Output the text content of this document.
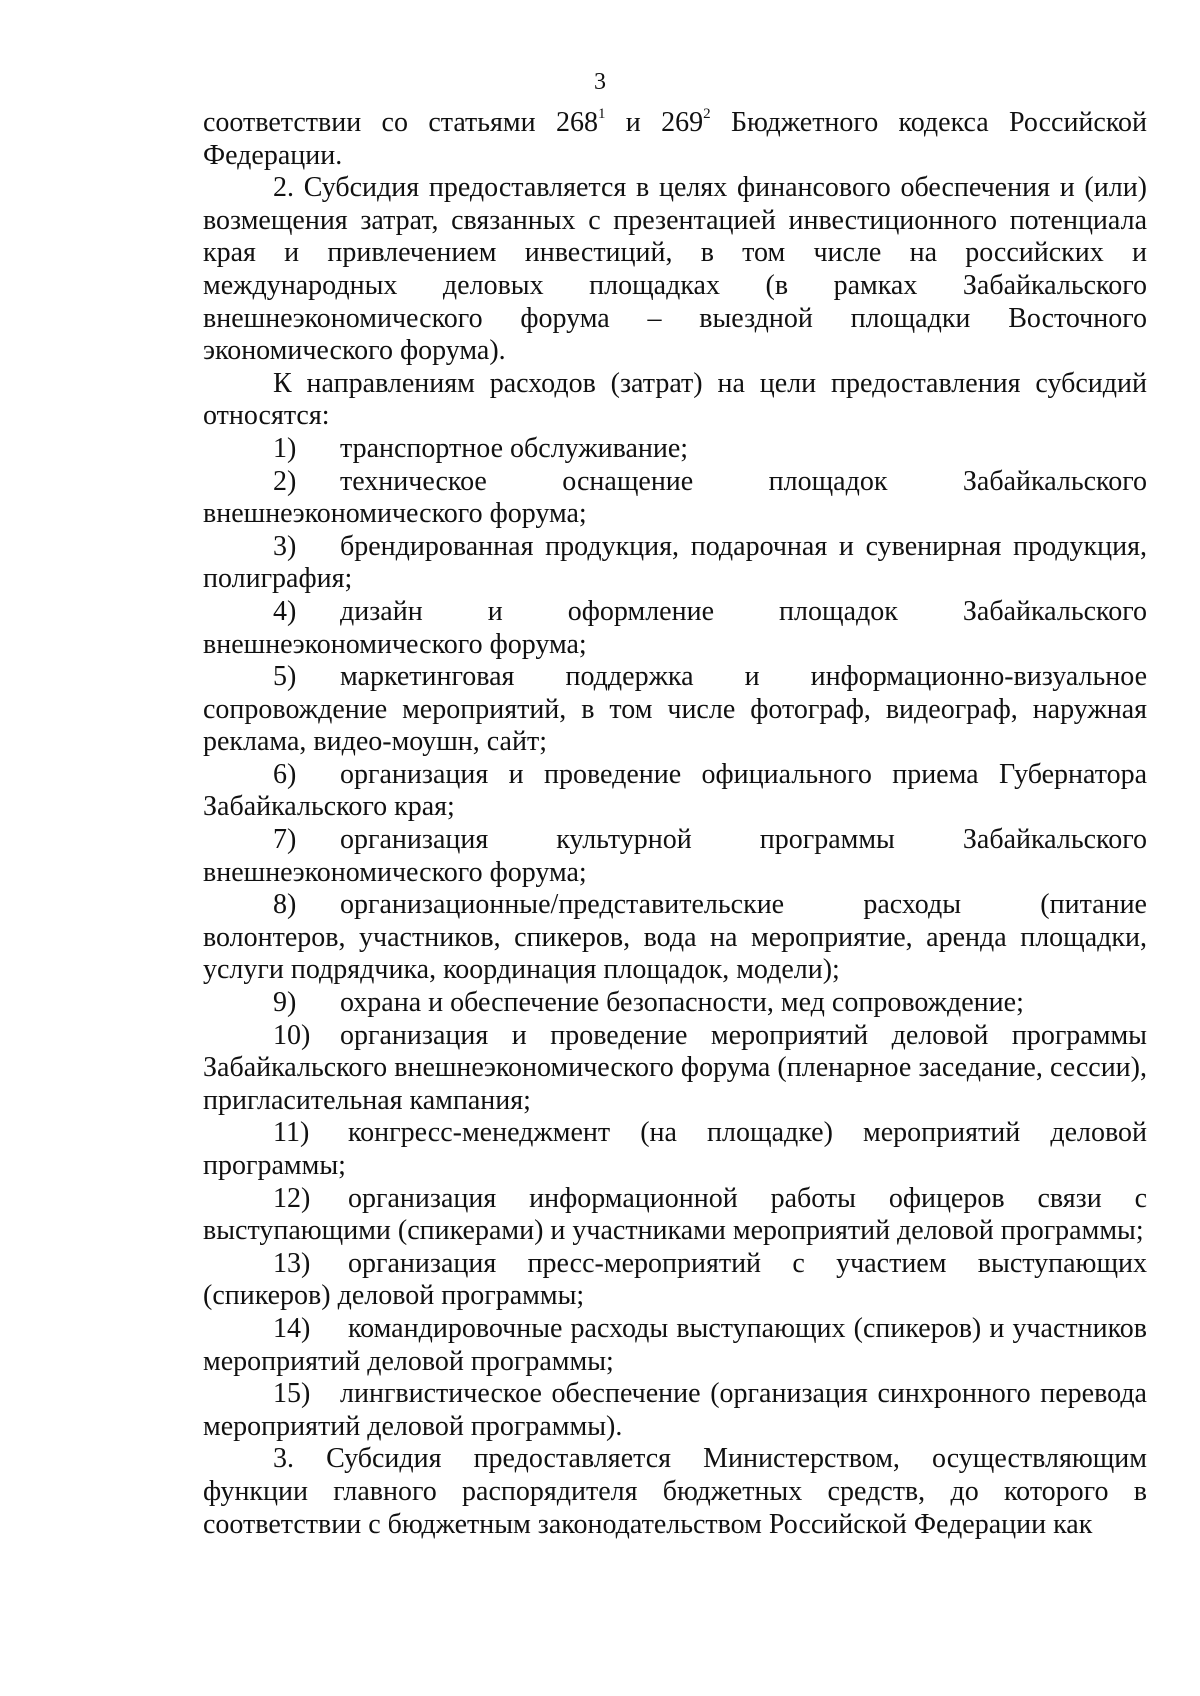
3

соответствии со статьями $268^1$ и $269^2$ Бюджетного кодекса Российской Федерации.

2. Субсидия предоставляется в целях финансового обеспечения и (или) возмещения затрат, связанных с презентацией инвестиционного потенциала края и привлечением инвестиций, в том числе на российских и международных деловых площадках (в рамках Забайкальского внешнеэкономического форума – выездной площадки Восточного экономического форума).

К направлениям расходов (затрат) на цели предоставления субсидий относятся:

1) транспортное обслуживание;

2) техническое оснащение площадок Забайкальского внешнеэкономического форума;

3) брендированная продукция, подарочная и сувенирная продукция, полиграфия;

4) дизайн и оформление площадок Забайкальского внешнеэкономического форума;

5) маркетинговая поддержка и информационно-визуальное сопровождение мероприятий, в том числе фотограф, видеограф, наружная реклама, видео-моушн, сайт;

6) организация и проведение официального приема Губернатора Забайкальского края;

7) организация культурной программы Забайкальского внешнеэкономического форума;

8) организационные/представительские расходы (питание волонтеров, участников, спикеров, вода на мероприятие, аренда площадки, услуги подрядчика, координация площадок, модели);

9) охрана и обеспечение безопасности, мед сопровождение;

10) организация и проведение мероприятий деловой программы Забайкальского внешнеэкономического форума (пленарное заседание, сессии), пригласительная кампания;

11) конгресс-менеджмент (на площадке) мероприятий деловой программы;

12) организация информационной работы офицеров связи с выступающими (спикерами) и участниками мероприятий деловой программы;

13) организация пресс-мероприятий с участием выступающих (спикеров) деловой программы;

14) командировочные расходы выступающих (спикеров) и участников мероприятий деловой программы;

15) лингвистическое обеспечение (организация синхронного перевода мероприятий деловой программы).

3. Субсидия предоставляется Министерством, осуществляющим функции главного распорядителя бюджетных средств, до которого в соответствии с бюджетным законодательством Российской Федерации как
